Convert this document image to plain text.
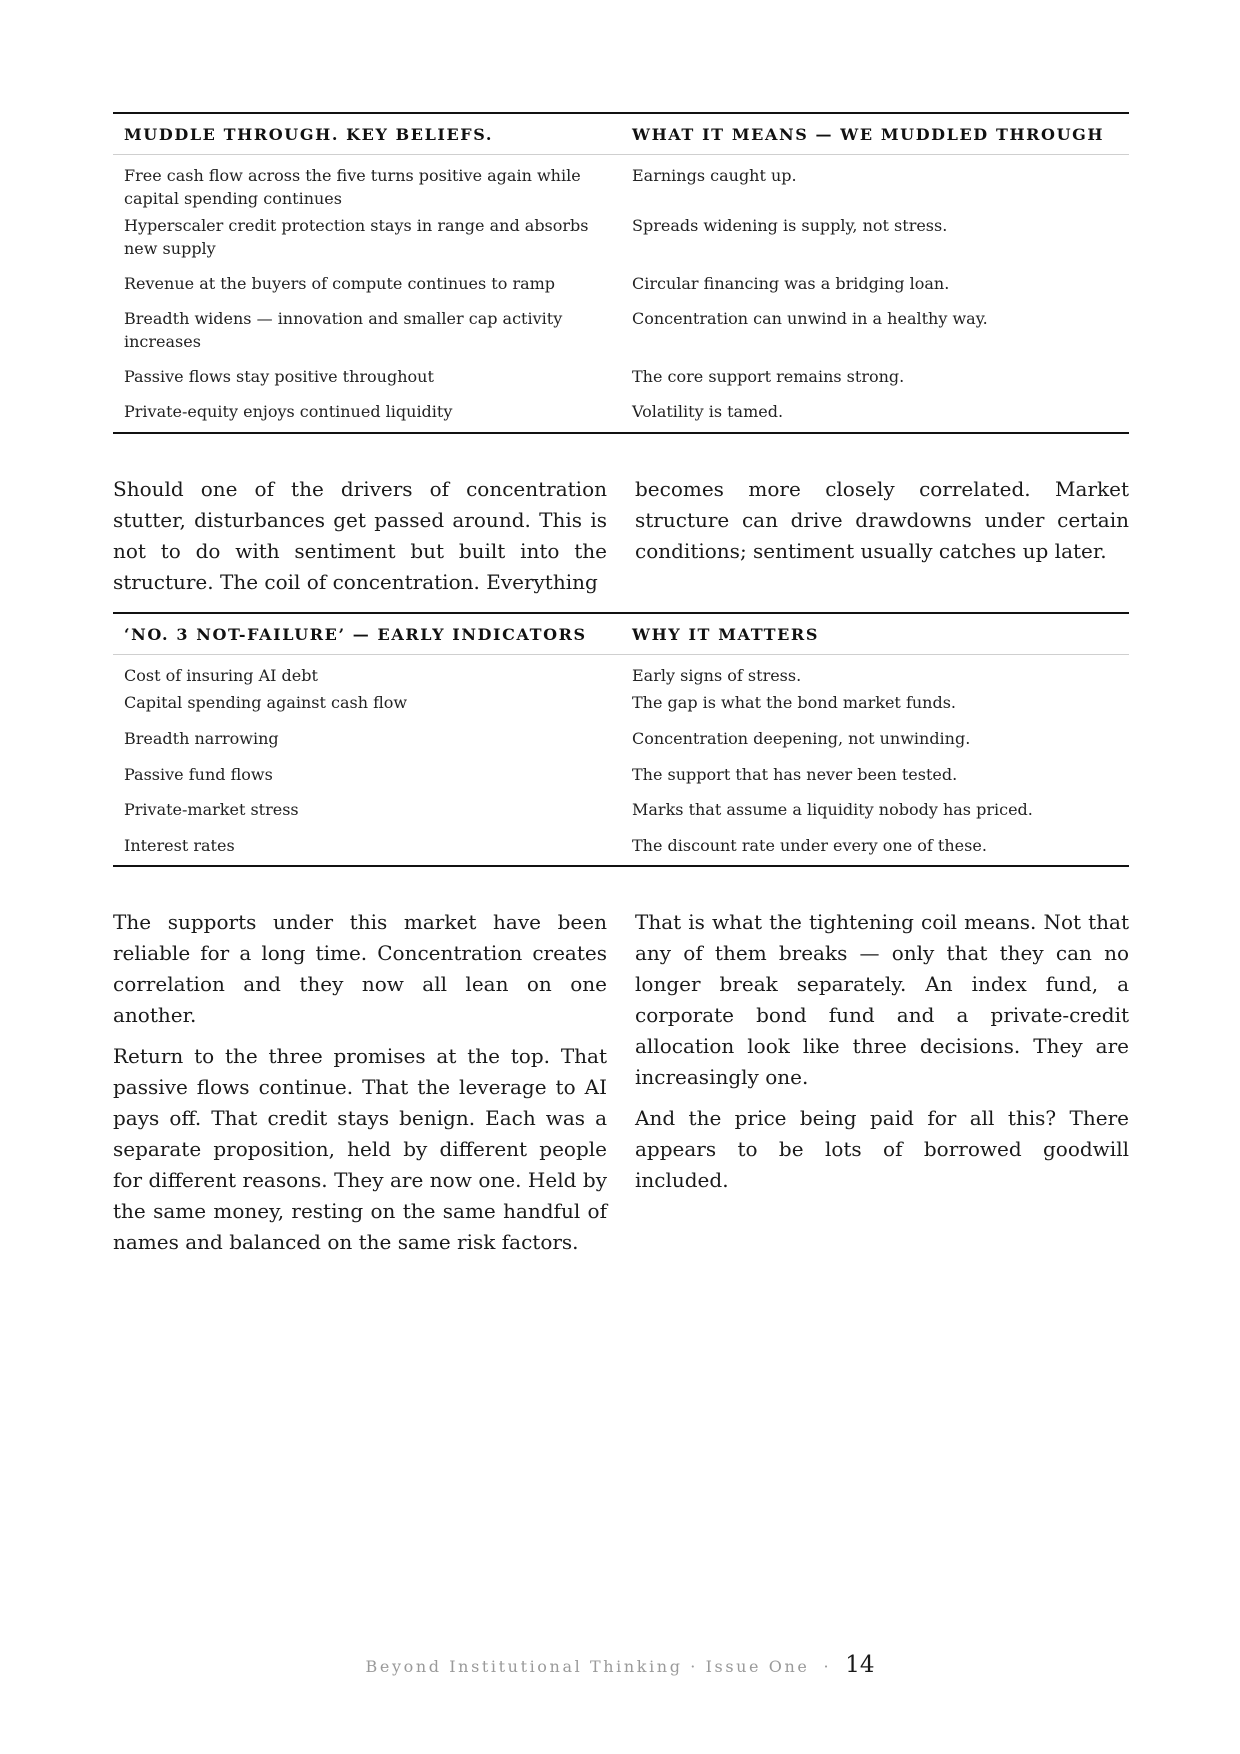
MUDDLE THROUGH. KEY BELIEFS.	WHAT IT MEANS — WE MUDDLED THROUGH
Free cash flow across the five turns positive again while capital spending continues	Earnings caught up.
Hyperscaler credit protection stays in range and absorbs new supply	Spreads widening is supply, not stress.
Revenue at the buyers of compute continues to ramp	Circular financing was a bridging loan.
Breadth widens — innovation and smaller cap activity increases	Concentration can unwind in a healthy way.
Passive flows stay positive throughout	The core support remains strong.
Private-equity enjoys continued liquidity	Volatility is tamed.

Should one of the drivers of concentration stutter, disturbances get passed around. This is not to do with sentiment but built into the structure. The coil of concentration. Everything

becomes more closely correlated. Market structure can drive drawdowns under certain conditions; sentiment usually catches up later.

‘NO. 3 NOT-FAILURE’ — EARLY INDICATORS	WHY IT MATTERS
Cost of insuring AI debt	Early signs of stress.
Capital spending against cash flow	The gap is what the bond market funds.
Breadth narrowing	Concentration deepening, not unwinding.
Passive fund flows	The support that has never been tested.
Private-market stress	Marks that assume a liquidity nobody has priced.
Interest rates	The discount rate under every one of these.

The supports under this market have been reliable for a long time. Concentration creates correlation and they now all lean on one another.

Return to the three promises at the top. That passive flows continue. That the leverage to AI pays off. That credit stays benign. Each was a separate proposition, held by different people for different reasons. They are now one. Held by the same money, resting on the same handful of names and balanced on the same risk factors.

That is what the tightening coil means. Not that any of them breaks — only that they can no longer break separately. An index fund, a corporate bond fund and a private-credit allocation look like three decisions. They are increasingly one.

And the price being paid for all this? There appears to be lots of borrowed goodwill included.

Beyond Institutional Thinking · Issue One · 14
